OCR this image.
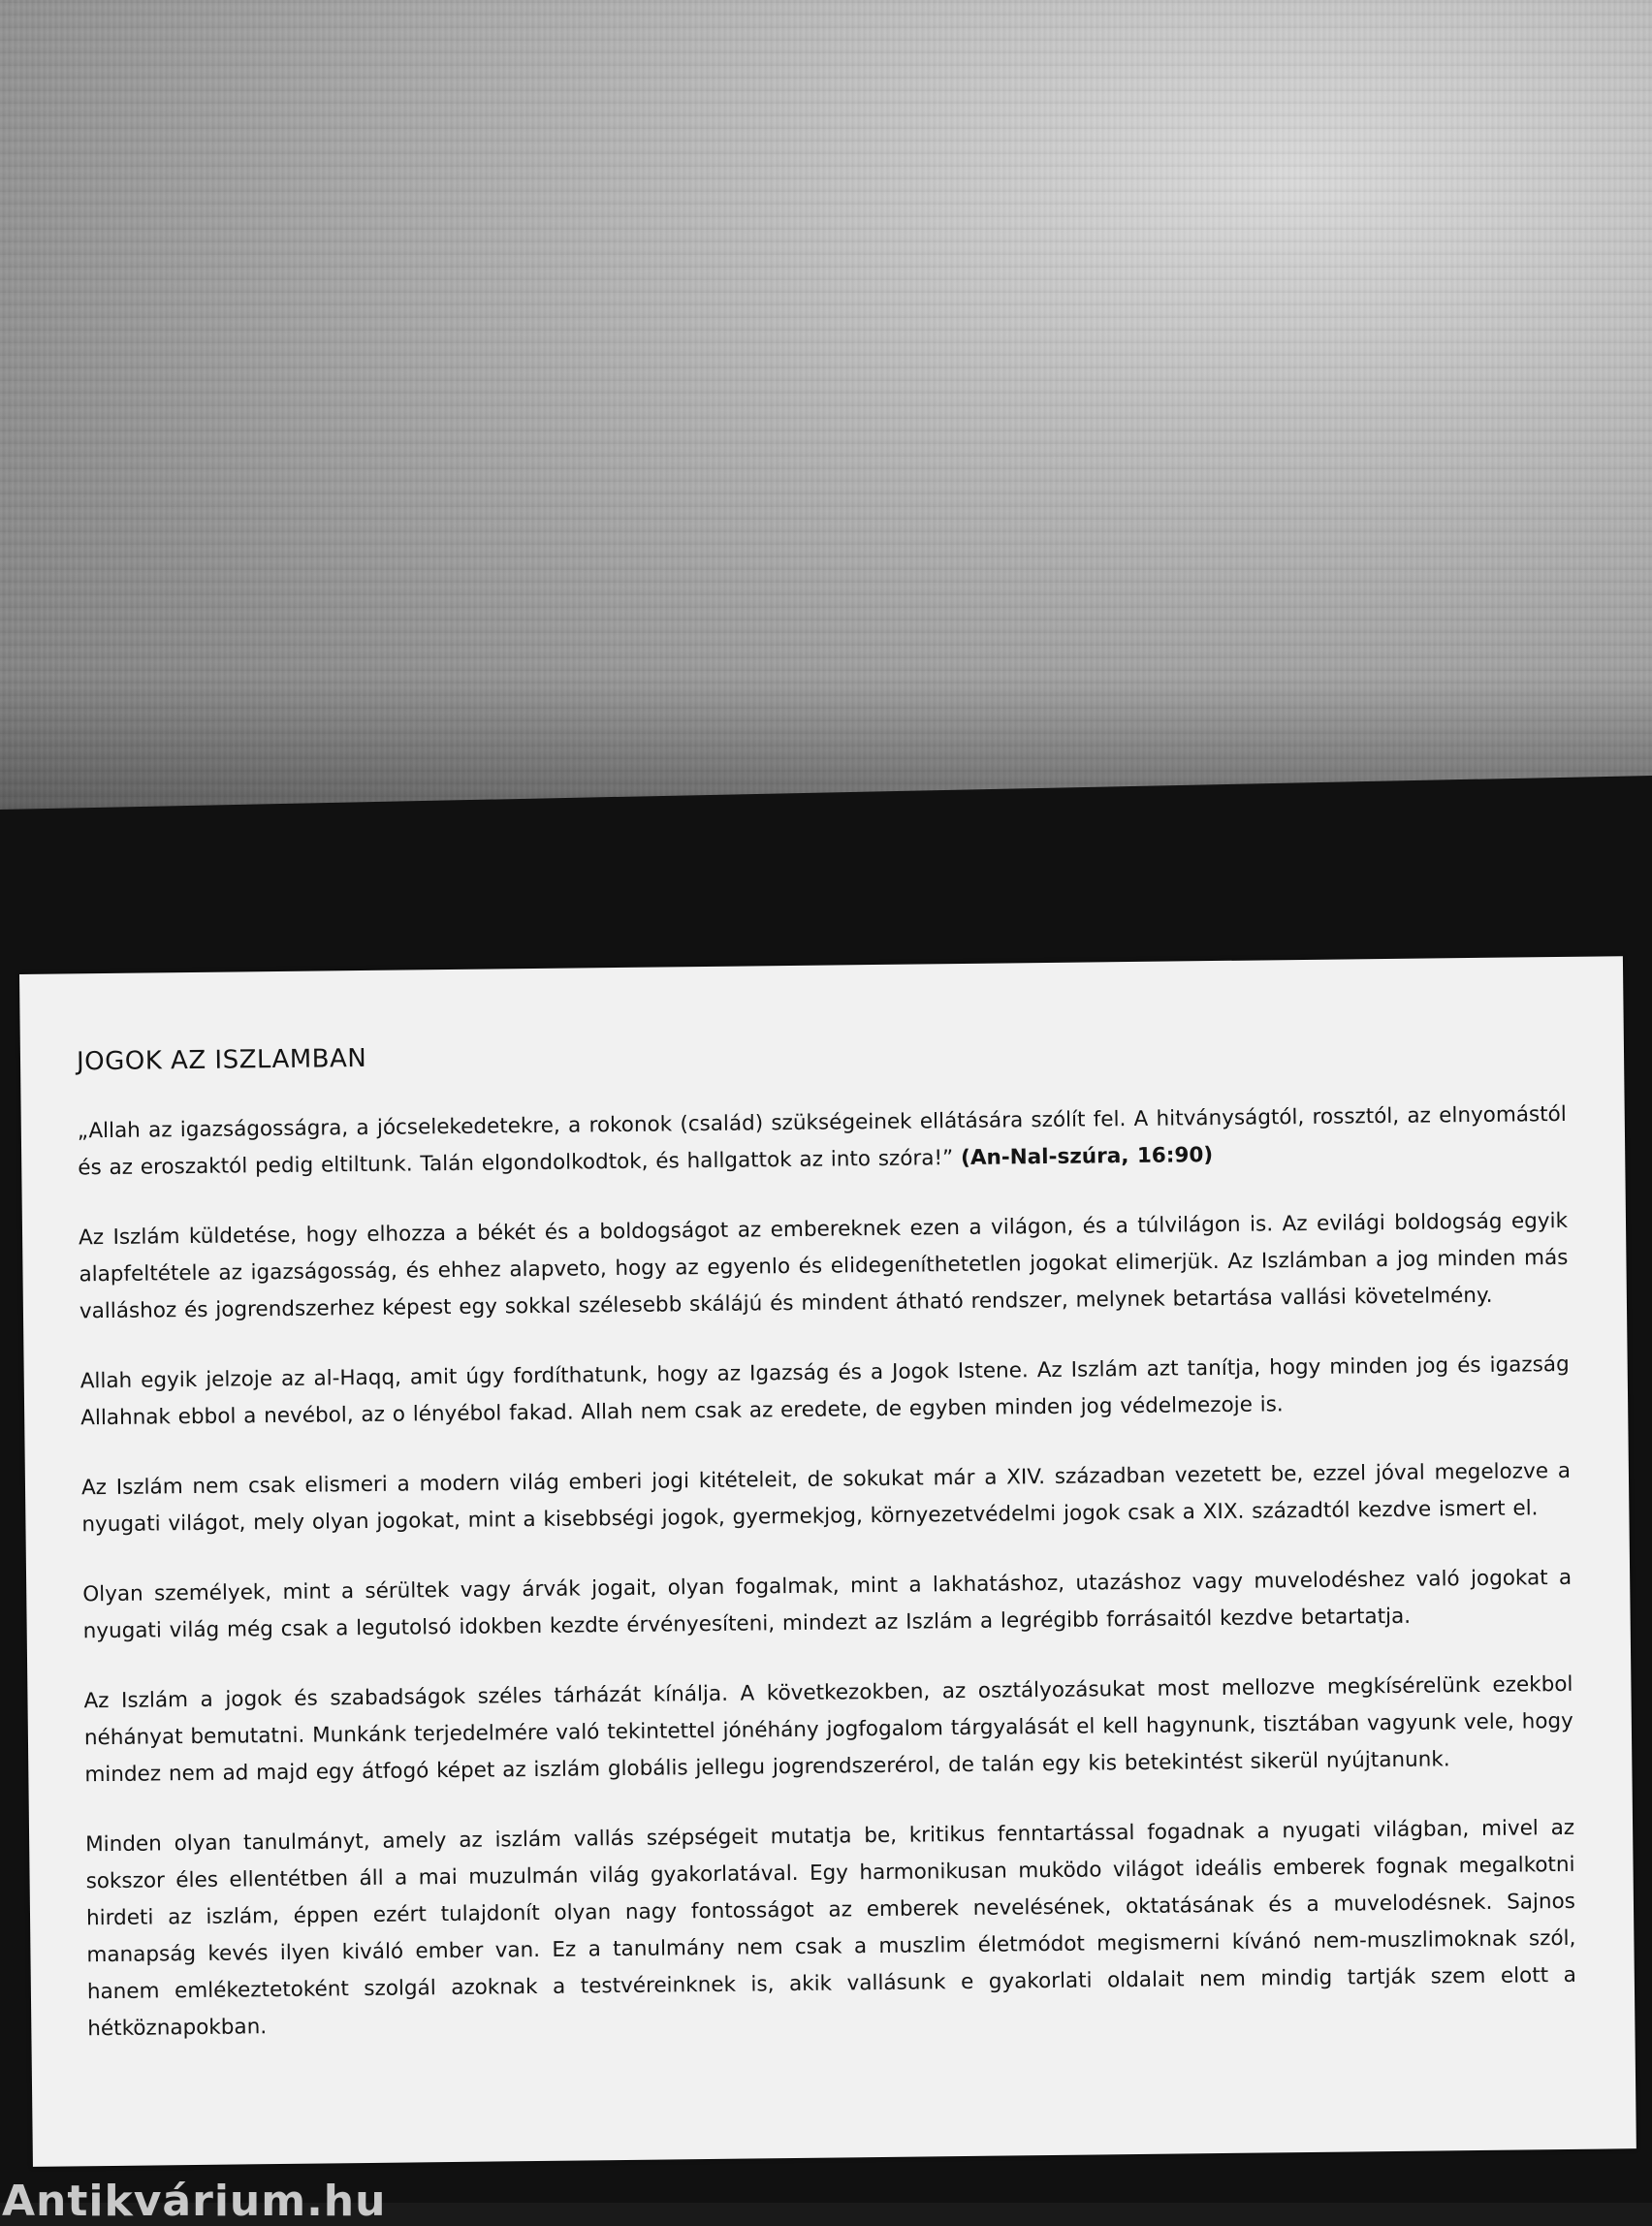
JOGOK AZ ISZLAMBAN

„Allah az igazságosságra, a jócselekedetekre, a rokonok (család) szükségeinek ellátására szólít fel. A hitványságtól, rossztól, az elnyomástól és az eroszaktól pedig eltiltunk. Talán elgondolkodtok, és hallgattok az into szóra!” (An-Nal-szúra, 16:90)

Az Iszlám küldetése, hogy elhozza a békét és a boldogságot az embereknek ezen a világon, és a túlvilágon is. Az evilági boldogság egyik alapfeltétele az igazságosság, és ehhez alapveto, hogy az egyenlo és elidegeníthetetlen jogokat elimerjük. Az Iszlámban a jog minden más valláshoz és jogrendszerhez képest egy sokkal szélesebb skálájú és mindent átható rendszer, melynek betartása vallási követelmény.

Allah egyik jelzoje az al-Haqq, amit úgy fordíthatunk, hogy az Igazság és a Jogok Istene. Az Iszlám azt tanítja, hogy minden jog és igazság Allahnak ebbol a nevébol, az o lényébol fakad. Allah nem csak az eredete, de egyben minden jog védelmezoje is.

Az Iszlám nem csak elismeri a modern világ emberi jogi kitételeit, de sokukat már a XIV. században vezetett be, ezzel jóval megelozve a nyugati világot, mely olyan jogokat, mint a kisebbségi jogok, gyermekjog, környezetvédelmi jogok csak a XIX. századtól kezdve ismert el.

Olyan személyek, mint a sérültek vagy árvák jogait, olyan fogalmak, mint a lakhatáshoz, utazáshoz vagy muvelodéshez való jogokat a nyugati világ még csak a legutolsó idokben kezdte érvényesíteni, mindezt az Iszlám a legrégibb forrásaitól kezdve betartatja.

Az Iszlám a jogok és szabadságok széles tárházát kínálja. A következokben, az osztályozásukat most mellozve megkísérelünk ezekbol néhányat bemutatni. Munkánk terjedelmére való tekintettel jónéhány jogfogalom tárgyalását el kell hagynunk, tisztában vagyunk vele, hogy mindez nem ad majd egy átfogó képet az iszlám globális jellegu jogrendszerérol, de talán egy kis betekintést sikerül nyújtanunk.

Minden olyan tanulmányt, amely az iszlám vallás szépségeit mutatja be, kritikus fenntartással fogadnak a nyugati világban, mivel az sokszor éles ellentétben áll a mai muzulmán világ gyakorlatával. Egy harmonikusan muködo világot ideális emberek fognak megalkotni hirdeti az iszlám, éppen ezért tulajdonít olyan nagy fontosságot az emberek nevelésének, oktatásának és a muvelodésnek. Sajnos manapság kevés ilyen kiváló ember van. Ez a tanulmány nem csak a muszlim életmódot megismerni kívánó nem-muszlimoknak szól, hanem emlékeztetoként szolgál azoknak a testvéreinknek is, akik vallásunk e gyakorlati oldalait nem mindig tartják szem elott a hétköznapokban.

Antikvárium.hu
